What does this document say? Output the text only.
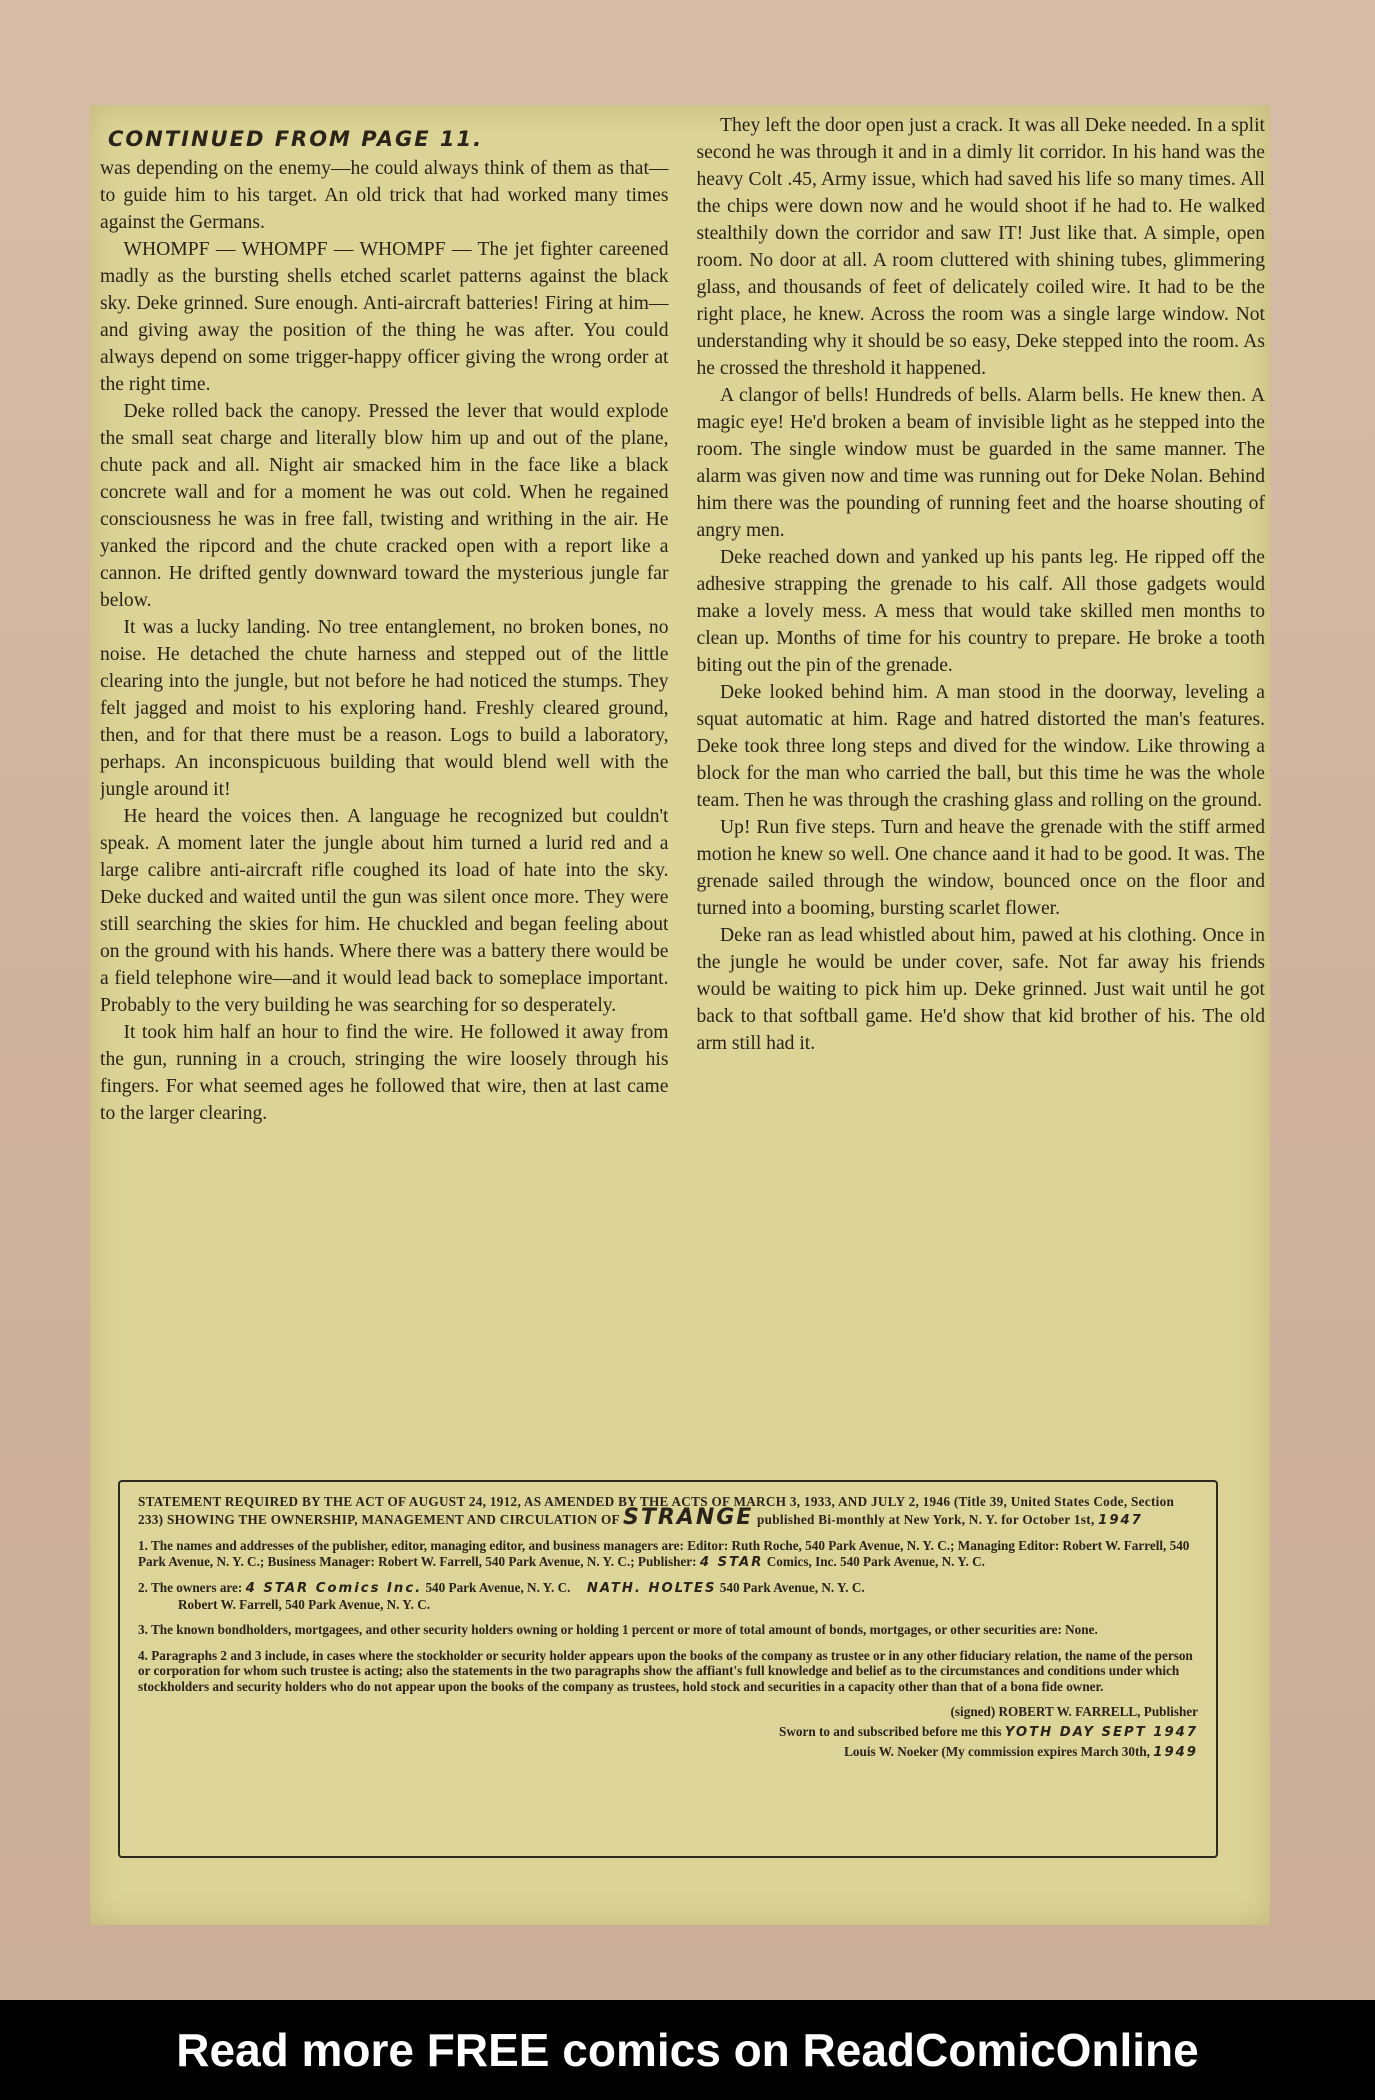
CONTINUED FROM PAGE 11.

was depending on the enemy—he could always think of them as that—to guide him to his target. An old trick that had worked many times against the Germans.

WHOMPF — WHOMPF — WHOMPF — The jet fighter careened madly as the bursting shells etched scarlet patterns against the black sky. Deke grinned. Sure enough. Anti-aircraft batteries! Firing at him—and giving away the position of the thing he was after. You could always depend on some trigger-happy officer giving the wrong order at the right time.

Deke rolled back the canopy. Pressed the lever that would explode the small seat charge and literally blow him up and out of the plane, chute pack and all. Night air smacked him in the face like a black concrete wall and for a moment he was out cold. When he regained consciousness he was in free fall, twisting and writhing in the air. He yanked the ripcord and the chute cracked open with a report like a cannon. He drifted gently downward toward the mysterious jungle far below.

It was a lucky landing. No tree entanglement, no broken bones, no noise. He detached the chute harness and stepped out of the little clearing into the jungle, but not before he had noticed the stumps. They felt jagged and moist to his exploring hand. Freshly cleared ground, then, and for that there must be a reason. Logs to build a laboratory, perhaps. An inconspicuous building that would blend well with the jungle around it!

He heard the voices then. A language he recognized but couldn't speak. A moment later the jungle about him turned a lurid red and a large calibre anti-aircraft rifle coughed its load of hate into the sky. Deke ducked and waited until the gun was silent once more. They were still searching the skies for him. He chuckled and began feeling about on the ground with his hands. Where there was a battery there would be a field telephone wire—and it would lead back to someplace important. Probably to the very building he was searching for so desperately.

It took him half an hour to find the wire. He followed it away from the gun, running in a crouch, stringing the wire loosely through his fingers. For what seemed ages he followed that wire, then at last came to the larger clearing.

They left the door open just a crack. It was all Deke needed. In a split second he was through it and in a dimly lit corridor. In his hand was the heavy Colt .45, Army issue, which had saved his life so many times. All the chips were down now and he would shoot if he had to. He walked stealthily down the corridor and saw IT! Just like that. A simple, open room. No door at all. A room cluttered with shining tubes, glimmering glass, and thousands of feet of delicately coiled wire. It had to be the right place, he knew. Across the room was a single large window. Not understanding why it should be so easy, Deke stepped into the room. As he crossed the threshold it happened.

A clangor of bells! Hundreds of bells. Alarm bells. He knew then. A magic eye! He'd broken a beam of invisible light as he stepped into the room. The single window must be guarded in the same manner. The alarm was given now and time was running out for Deke Nolan. Behind him there was the pounding of running feet and the hoarse shouting of angry men.

Deke reached down and yanked up his pants leg. He ripped off the adhesive strapping the grenade to his calf. All those gadgets would make a lovely mess. A mess that would take skilled men months to clean up. Months of time for his country to prepare. He broke a tooth biting out the pin of the grenade.

Deke looked behind him. A man stood in the doorway, leveling a squat automatic at him. Rage and hatred distorted the man's features. Deke took three long steps and dived for the window. Like throwing a block for the man who carried the ball, but this time he was the whole team. Then he was through the crashing glass and rolling on the ground.

Up! Run five steps. Turn and heave the grenade with the stiff armed motion he knew so well. One chance aand it had to be good. It was. The grenade sailed through the window, bounced once on the floor and turned into a booming, bursting scarlet flower.

Deke ran as lead whistled about him, pawed at his clothing. Once in the jungle he would be under cover, safe. Not far away his friends would be waiting to pick him up. Deke grinned. Just wait until he got back to that softball game. He'd show that kid brother of his. The old arm still had it.

STATEMENT REQUIRED BY THE ACT OF AUGUST 24, 1912, AS AMENDED BY THE ACTS OF MARCH 3, 1933, AND JULY 2, 1946 (Title 39, United States Code, Section 233) SHOWING THE OWNERSHIP, MANAGEMENT AND CIRCULATION OF STRANGE published Bi-monthly at New York, N. Y. for October 1st, 1947

1. The names and addresses of the publisher, editor, managing editor, and business managers are: Editor: Ruth Roche, 540 Park Avenue, N. Y. C.; Managing Editor: Robert W. Farrell, 540 Park Avenue, N. Y. C.; Business Manager: Robert W. Farrell, 540 Park Avenue, N. Y. C.; Publisher: 4 STAR Comics, Inc. 540 Park Avenue, N. Y. C.

2. The owners are: 4 STAR Comics Inc. 540 Park Avenue, N. Y. C. NATH. HOLTES 540 Park Avenue, N. Y. C.
Robert W. Farrell, 540 Park Avenue, N. Y. C.

3. The known bondholders, mortgagees, and other security holders owning or holding 1 percent or more of total amount of bonds, mortgages, or other securities are: None.

4. Paragraphs 2 and 3 include, in cases where the stockholder or security holder appears upon the books of the company as trustee or in any other fiduciary relation, the name of the person or corporation for whom such trustee is acting; also the statements in the two paragraphs show the affiant's full knowledge and belief as to the circumstances and conditions under which stockholders and security holders who do not appear upon the books of the company as trustees, hold stock and securities in a capacity other than that of a bona fide owner.

(signed) ROBERT W. FARRELL, Publisher

Sworn to and subscribed before me this YOTH DAY SEPT 1947

Louis W. Noeker (My commission expires March 30th, 1949

Read more FREE comics on ReadComicOnline
